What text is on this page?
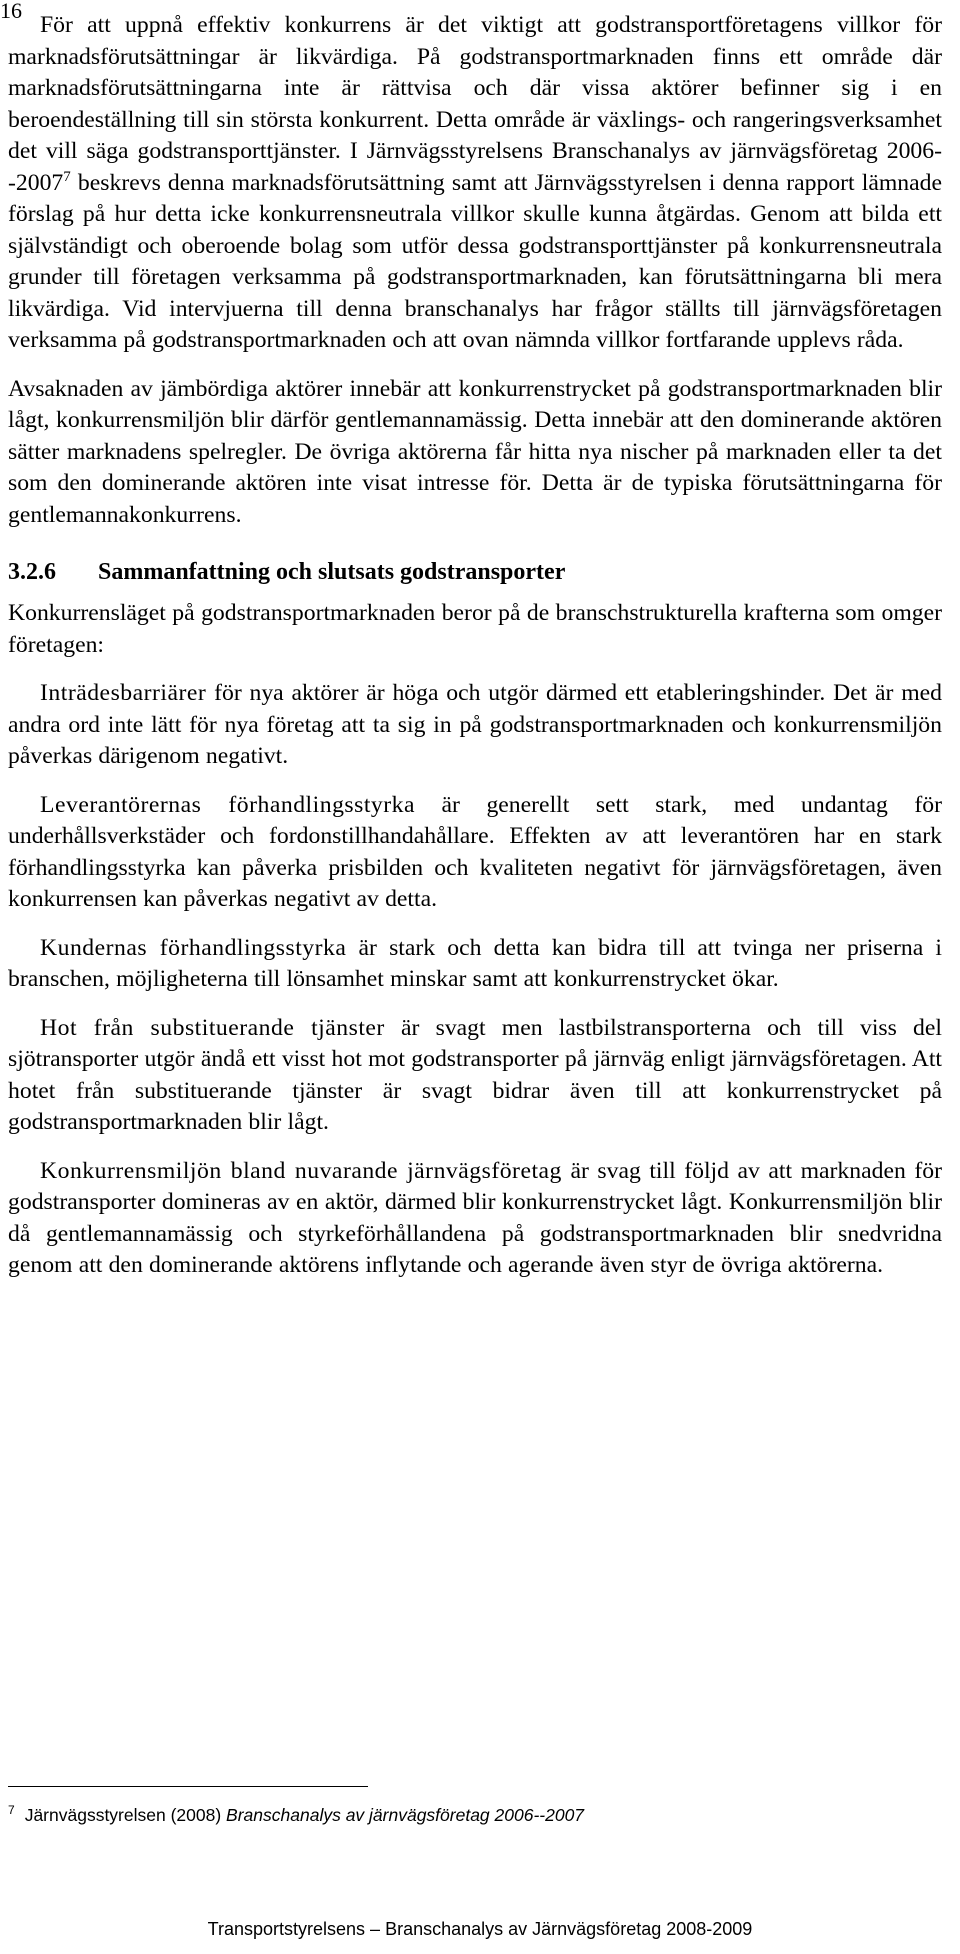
16

För att uppnå effektiv konkurrens är det viktigt att godstransportföretagens villkor för marknadsförutsättningar är likvärdiga. På godstransportmarknaden finns ett område där marknadsförutsättningarna inte är rättvisa och där vissa aktörer befinner sig i en beroendeställning till sin största konkurrent. Detta område är växlings- och rangeringsverksamhet det vill säga godstransporttjänster. I Järnvägsstyrelsens Branschanalys av järnvägsföretag 2006--2007$^7$ beskrevs denna marknadsförutsättning samt att Järnvägsstyrelsen i denna rapport lämnade förslag på hur detta icke konkurrensneutrala villkor skulle kunna åtgärdas. Genom att bilda ett självständigt och oberoende bolag som utför dessa godstransporttjänster på konkurrensneutrala grunder till företagen verksamma på godstransportmarknaden, kan förutsättningarna bli mera likvärdiga. Vid intervjuerna till denna branschanalys har frågor ställts till järnvägsföretagen verksamma på godstransportmarknaden och att ovan nämnda villkor fortfarande upplevs råda.

Avsaknaden av jämbördiga aktörer innebär att konkurrenstrycket på godstransportmarknaden blir lågt, konkurrensmiljön blir därför gentlemannamässig. Detta innebär att den dominerande aktören sätter marknadens spelregler. De övriga aktörerna får hitta nya nischer på marknaden eller ta det som den dominerande aktören inte visat intresse för. Detta är de typiska förutsättningarna för gentlemannakonkurrens.

3.2.6	Sammanfattning och slutsats godstransporter

Konkurrensläget på godstransportmarknaden beror på de branschstrukturella krafterna som omger företagen:

Inträdesbarriärer för nya aktörer är höga och utgör därmed ett etableringshinder. Det är med andra ord inte lätt för nya företag att ta sig in på godstransportmarknaden och konkurrensmiljön påverkas därigenom negativt.

Leverantörernas förhandlingsstyrka är generellt sett stark, med undantag för underhållsverkstäder och fordonstillhandahållare. Effekten av att leverantören har en stark förhandlingsstyrka kan påverka prisbilden och kvaliteten negativt för järnvägsföretagen, även konkurrensen kan påverkas negativt av detta.

Kundernas förhandlingsstyrka är stark och detta kan bidra till att tvinga ner priserna i branschen, möjligheterna till lönsamhet minskar samt att konkurrenstrycket ökar.

Hot från substituerande tjänster är svagt men lastbilstransporterna och till viss del sjötransporter utgör ändå ett visst hot mot godstransporter på järnväg enligt järnvägsföretagen. Att hotet från substituerande tjänster är svagt bidrar även till att konkurrenstrycket på godstransportmarknaden blir lågt.

Konkurrensmiljön bland nuvarande järnvägsföretag är svag till följd av att marknaden för godstransporter domineras av en aktör, därmed blir konkurrenstrycket lågt. Konkurrensmiljön blir då gentlemannamässig och styrkeförhållandena på godstransportmarknaden blir snedvridna genom att den dominerande aktörens inflytande och agerande även styr de övriga aktörerna.

$^7$ Järnvägsstyrelsen (2008) Branschanalys av järnvägsföretag 2006--2007
Transportstyrelsens – Branschanalys av Järnvägsföretag 2008-2009
